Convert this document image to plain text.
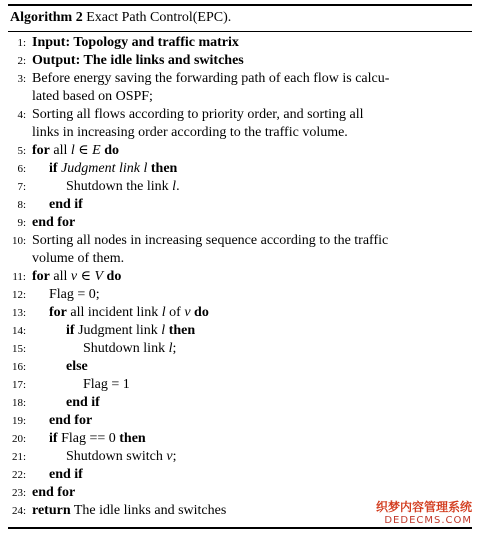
Algorithm 2 Exact Path Control(EPC).
1: Input: Topology and traffic matrix
2: Output: The idle links and switches
3: Before energy saving the forwarding path of each flow is calcu-
lated based on OSPF;
4: Sorting all flows according to priority order, and sorting all
links in increasing order according to the traffic volume.
5: for all l ∈ E do
6: if Judgment link l then
7:	Shutdown the link l.
8: end if
9: end for
10: Sorting all nodes in increasing sequence according to the traffic
volume of them.
11: for all v ∈ V do
12: Flag = 0;
13: for all incident link l of v do
14:	if Judgment link l then
15:	Shutdown link l;
16:	else
17:	Flag = 1
18:	end if
19: end for
20: if Flag == 0 then
21:	Shutdown switch v;
22: end if
23: end for
24: return The idle links and switches	织梦内容管理系统
DEDECMS.COM
